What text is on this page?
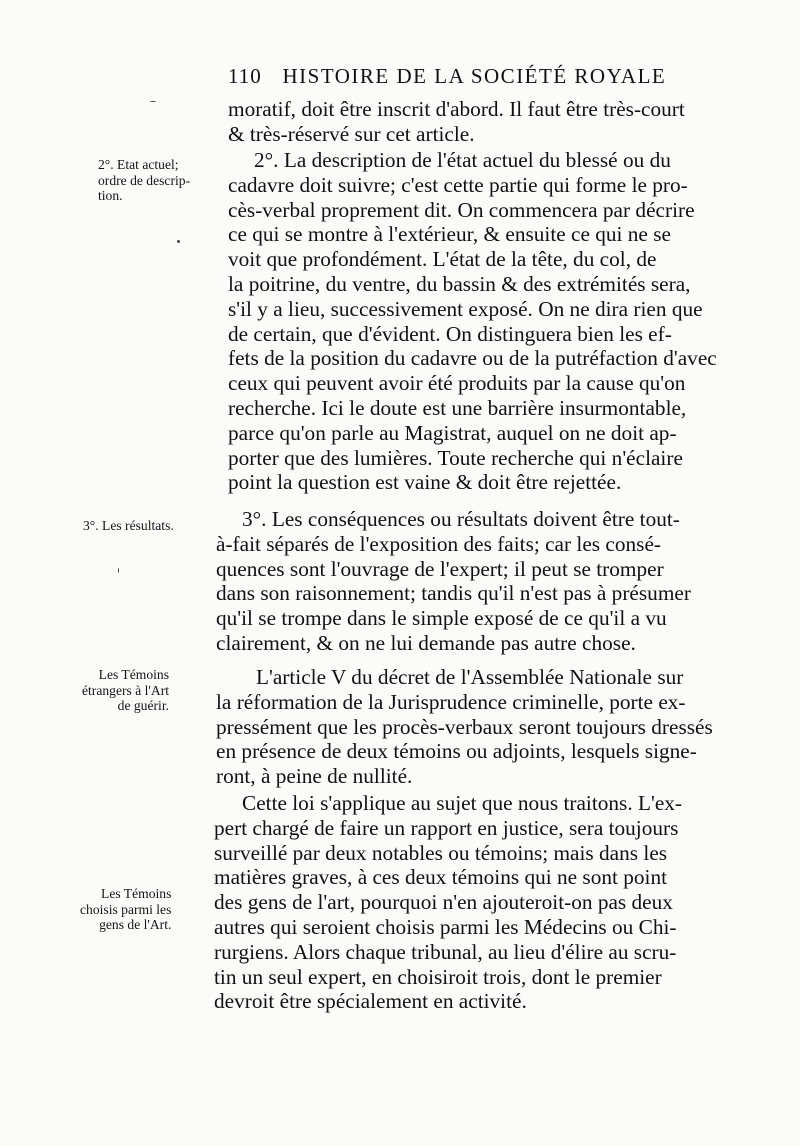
110 HISTOIRE DE LA SOCIÉTÉ ROYALE
2°. Etat actuel;
ordre de descrip-
tion.
3°. Les résultats.
Les Témoins
étrangers à l'Art
de guérir.
Les Témoins
choisis parmi les
gens de l'Art.
moratif, doit être inscrit d'abord. Il faut être très-court
& très-réservé sur cet article.
2°. La description de l'état actuel du blessé ou du
cadavre doit suivre; c'est cette partie qui forme le pro-
cès-verbal proprement dit. On commencera par décrire
ce qui se montre à l'extérieur, & ensuite ce qui ne se
voit que profondément. L'état de la tête, du col, de
la poitrine, du ventre, du bassin & des extrémités sera,
s'il y a lieu, successivement exposé. On ne dira rien que
de certain, que d'évident. On distinguera bien les ef-
fets de la position du cadavre ou de la putréfaction d'avec
ceux qui peuvent avoir été produits par la cause qu'on
recherche. Ici le doute est une barrière insurmontable,
parce qu'on parle au Magistrat, auquel on ne doit ap-
porter que des lumières. Toute recherche qui n'éclaire
point la question est vaine & doit être rejettée.
3°. Les conséquences ou résultats doivent être tout-
à-fait séparés de l'exposition des faits; car les consé-
quences sont l'ouvrage de l'expert; il peut se tromper
dans son raisonnement; tandis qu'il n'est pas à présumer
qu'il se trompe dans le simple exposé de ce qu'il a vu
clairement, & on ne lui demande pas autre chose.
L'article V du décret de l'Assemblée Nationale sur
la réformation de la Jurisprudence criminelle, porte ex-
pressément que les procès-verbaux seront toujours dressés
en présence de deux témoins ou adjoints, lesquels signe-
ront, à peine de nullité.
Cette loi s'applique au sujet que nous traitons. L'ex-
pert chargé de faire un rapport en justice, sera toujours
surveillé par deux notables ou témoins; mais dans les
matières graves, à ces deux témoins qui ne sont point
des gens de l'art, pourquoi n'en ajouteroit-on pas deux
autres qui seroient choisis parmi les Médecins ou Chi-
rurgiens. Alors chaque tribunal, au lieu d'élire au scru-
tin un seul expert, en choisiroit trois, dont le premier
devroit être spécialement en activité.
